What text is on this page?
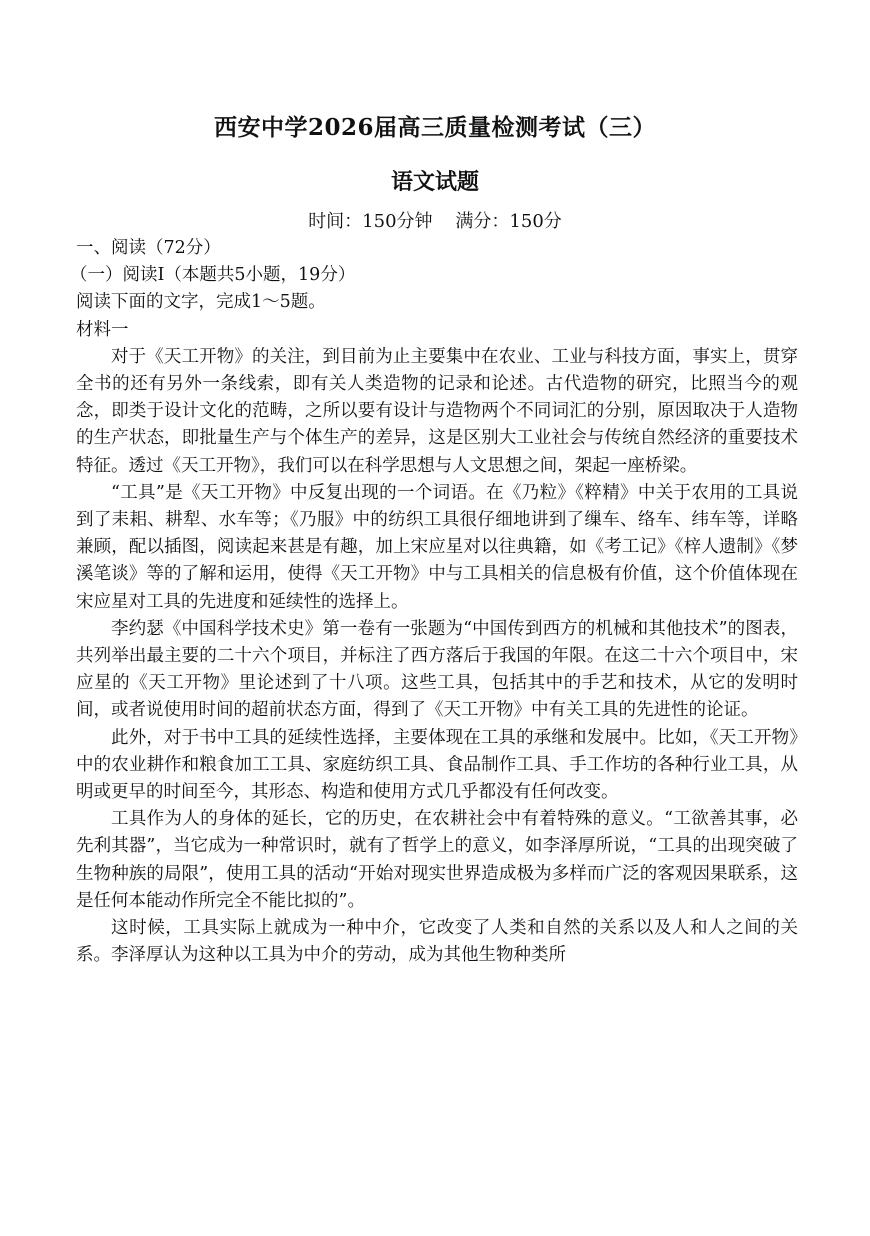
西安中学2026届高三质量检测考试（三）
语文试题
时间：150分钟    满分：150分
一、阅读（72分）
（一）阅读Ⅰ（本题共5小题，19分）
阅读下面的文字，完成1～5题。
材料一

对于《天工开物》的关注，到目前为止主要集中在农业、工业与科技方面，事实上，贯穿全书的还有另外一条线索，即有关人类造物的记录和论述。古代造物的研究，比照当今的观念，即类于设计文化的范畴，之所以要有设计与造物两个不同词汇的分别，原因取决于人造物的生产状态，即批量生产与个体生产的差异，这是区别大工业社会与传统自然经济的重要技术特征。透过《天工开物》，我们可以在科学思想与人文思想之间，架起一座桥梁。

“工具”是《天工开物》中反复出现的一个词语。在《乃粒》《粹精》中关于农用的工具说到了耒耜、耕犁、水车等；《乃服》中的纺织工具很仔细地讲到了缫车、络车、纬车等，详略兼顾，配以插图，阅读起来甚是有趣，加上宋应星对以往典籍，如《考工记》《梓人遗制》《梦溪笔谈》等的了解和运用，使得《天工开物》中与工具相关的信息极有价值，这个价值体现在宋应星对工具的先进度和延续性的选择上。

李约瑟《中国科学技术史》第一卷有一张题为“中国传到西方的机械和其他技术”的图表，共列举出最主要的二十六个项目，并标注了西方落后于我国的年限。在这二十六个项目中，宋应星的《天工开物》里论述到了十八项。这些工具，包括其中的手艺和技术，从它的发明时间，或者说使用时间的超前状态方面，得到了《天工开物》中有关工具的先进性的论证。

此外，对于书中工具的延续性选择，主要体现在工具的承继和发展中。比如，《天工开物》中的农业耕作和粮食加工工具、家庭纺织工具、食品制作工具、手工作坊的各种行业工具，从明或更早的时间至今，其形态、构造和使用方式几乎都没有任何改变。

工具作为人的身体的延长，它的历史，在农耕社会中有着特殊的意义。“工欲善其事，必先利其器”，当它成为一种常识时，就有了哲学上的意义，如李泽厚所说，“工具的出现突破了生物种族的局限”，使用工具的活动“开始对现实世界造成极为多样而广泛的客观因果联系，这是任何本能动作所完全不能比拟的”。

这时候，工具实际上就成为一种中介，它改变了人类和自然的关系以及人和人之间的关系。李泽厚认为这种以工具为中介的劳动，成为其他生物种类所
